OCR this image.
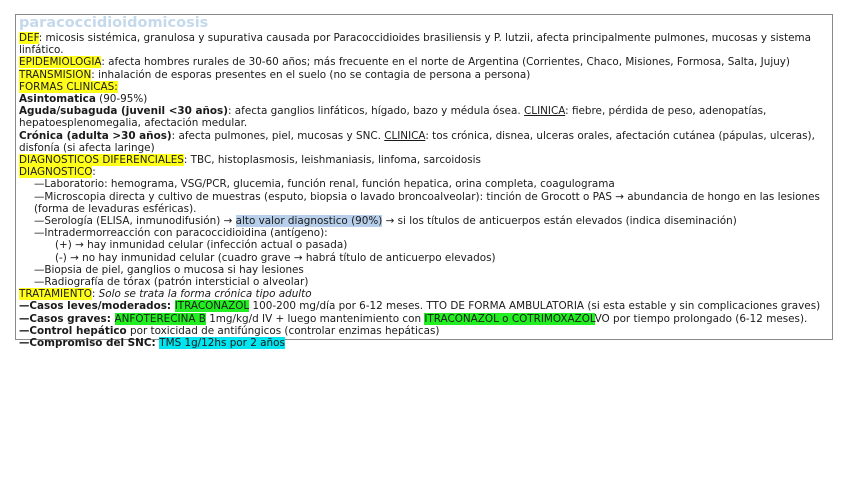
paracoccidioidomicosis
DEF: micosis sistémica, granulosa y supurativa causada por Paracoccidioides brasiliensis y P. lutzii, afecta principalmente pulmones, mucosas y sistema linfático.
EPIDEMIOLOGIA: afecta hombres rurales de 30-60 años; más frecuente en el norte de Argentina (Corrientes, Chaco, Misiones, Formosa, Salta, Jujuy)
TRANSMISION: inhalación de esporas presentes en el suelo (no se contagia de persona a persona)
FORMAS CLINICAS:
Asintomatica (90-95%)
Aguda/subaguda (juvenil <30 años): afecta ganglios linfáticos, hígado, bazo y médula ósea. CLINICA: fiebre, pérdida de peso, adenopatías, hepatoesplenomegalia, afectación medular.
Crónica (adulta >30 años): afecta pulmones, piel, mucosas y SNC. CLINICA: tos crónica, disnea, ulceras orales, afectación cutánea (pápulas, ulceras), disfonía (si afecta laringe)
DIAGNOSTICOS DIFERENCIALES: TBC, histoplasmosis, leishmaniasis, linfoma, sarcoidosis
DIAGNOSTICO:
—Laboratorio: hemograma, VSG/PCR, glucemia, función renal, función hepatica, orina completa, coagulograma
—Microscopia directa y cultivo de muestras (esputo, biopsia o lavado broncoalveolar): tinción de Grocott o PAS → abundancia de hongo en las lesiones (forma de levaduras esféricas).
—Serología (ELISA, inmunodifusión) → alto valor diagnostico (90%) → si los títulos de anticuerpos están elevados (indica diseminación)
—Intradermorreacción con paracoccidioidina (antígeno):
(+) → hay inmunidad celular (infección actual o pasada)
(-) → no hay inmunidad celular (cuadro grave → habrá título de anticuerpo elevados)
—Biopsia de piel, ganglios o mucosa si hay lesiones
—Radiografía de tórax (patrón intersticial o alveolar)
TRATAMIENTO: Solo se trata la forma crónica tipo adulto
—Casos leves/moderados: ITRACONAZOL 100-200 mg/día por 6-12 meses. TTO DE FORMA AMBULATORIA (si esta estable y sin complicaciones graves)
—Casos graves: ANFOTERECINA B 1mg/kg/d IV + luego mantenimiento con ITRACONAZOL o COTRIMOXAZOLVO por tiempo prolongado (6-12 meses).
—Control hepático por toxicidad de antifúngicos (controlar enzimas hepáticas)
—Compromiso del SNC: TMS 1g/12hs por 2 años
